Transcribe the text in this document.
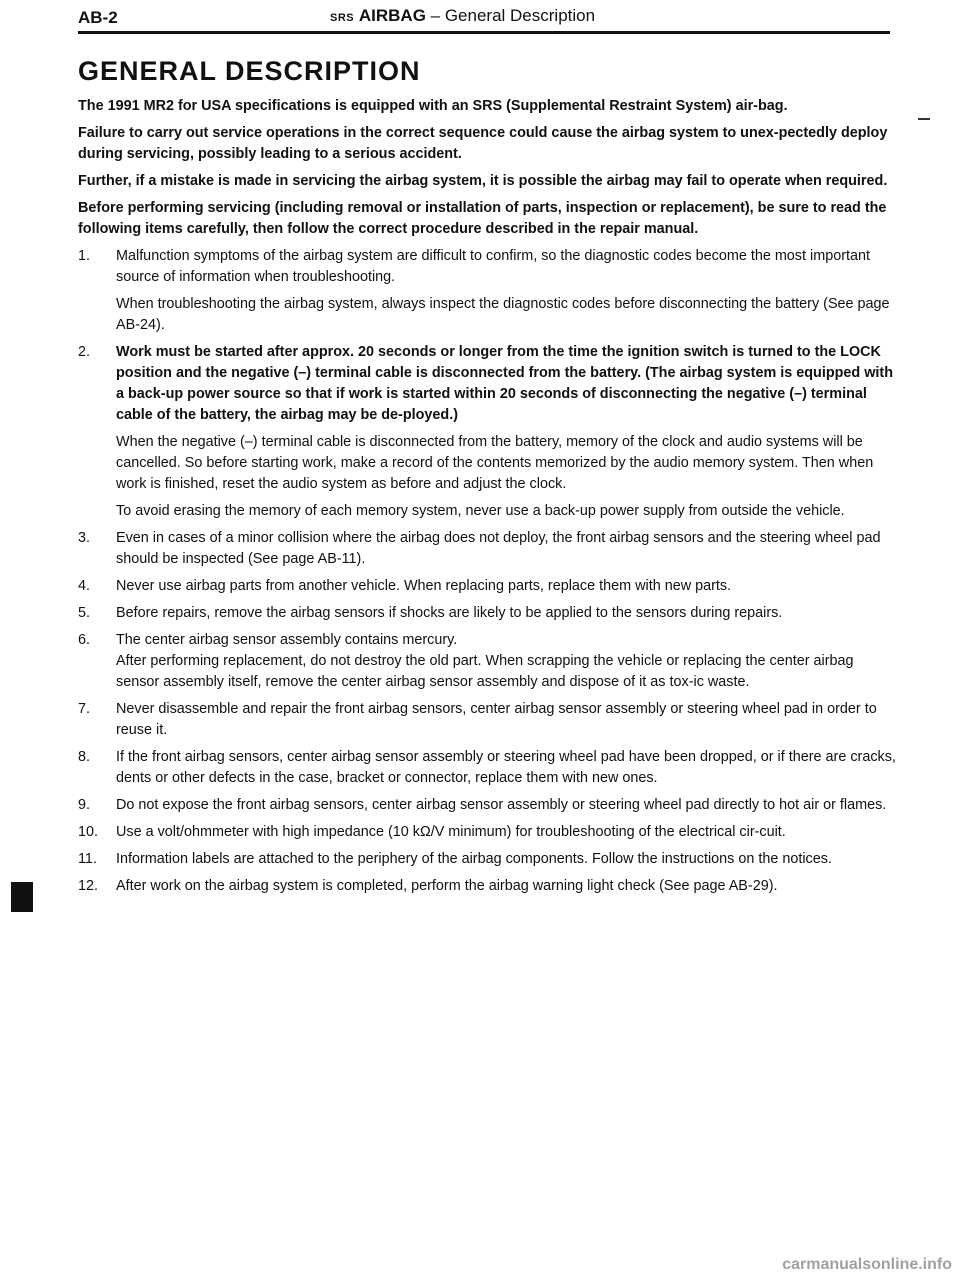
AB-2	SRS AIRBAG – General Description
GENERAL DESCRIPTION

The 1991 MR2 for USA specifications is equipped with an SRS (Supplemental Restraint System) air-bag.

Failure to carry out service operations in the correct sequence could cause the airbag system to unex-pectedly deploy during servicing, possibly leading to a serious accident.

Further, if a mistake is made in servicing the airbag system, it is possible the airbag may fail to operate when required.

Before performing servicing (including removal or installation of parts, inspection or replacement), be sure to read the following items carefully, then follow the correct procedure described in the repair manual.

1. Malfunction symptoms of the airbag system are difficult to confirm, so the diagnostic codes become the most important source of information when troubleshooting.

When troubleshooting the airbag system, always inspect the diagnostic codes before disconnecting the battery (See page AB-24).

2. Work must be started after approx. 20 seconds or longer from the time the ignition switch is turned to the LOCK position and the negative (–) terminal cable is disconnected from the battery. (The airbag system is equipped with a back-up power source so that if work is started within 20 seconds of disconnecting the negative (–) terminal cable of the battery, the airbag may be de-ployed.)

When the negative (–) terminal cable is disconnected from the battery, memory of the clock and audio systems will be cancelled. So before starting work, make a record of the contents memorized by the audio memory system. Then when work is finished, reset the audio system as before and adjust the clock.

To avoid erasing the memory of each memory system, never use a back-up power supply from outside the vehicle.

3. Even in cases of a minor collision where the airbag does not deploy, the front airbag sensors and the steering wheel pad should be inspected (See page AB-11).

4. Never use airbag parts from another vehicle. When replacing parts, replace them with new parts.

5. Before repairs, remove the airbag sensors if shocks are likely to be applied to the sensors during repairs.

6. The center airbag sensor assembly contains mercury.

After performing replacement, do not destroy the old part. When scrapping the vehicle or replacing the center airbag sensor assembly itself, remove the center airbag sensor assembly and dispose of it as tox-ic waste.

7. Never disassemble and repair the front airbag sensors, center airbag sensor assembly or steering wheel pad in order to reuse it.

8. If the front airbag sensors, center airbag sensor assembly or steering wheel pad have been dropped, or if there are cracks, dents or other defects in the case, bracket or connector, replace them with new ones.

9. Do not expose the front airbag sensors, center airbag sensor assembly or steering wheel pad directly to hot air or flames.

10. Use a volt/ohmmeter with high impedance (10 kΩ/V minimum) for troubleshooting of the electrical cir-cuit.

11. Information labels are attached to the periphery of the airbag components. Follow the instructions on the notices.

12. After work on the airbag system is completed, perform the airbag warning light check (See page AB-29).

carmanualsonline.info
